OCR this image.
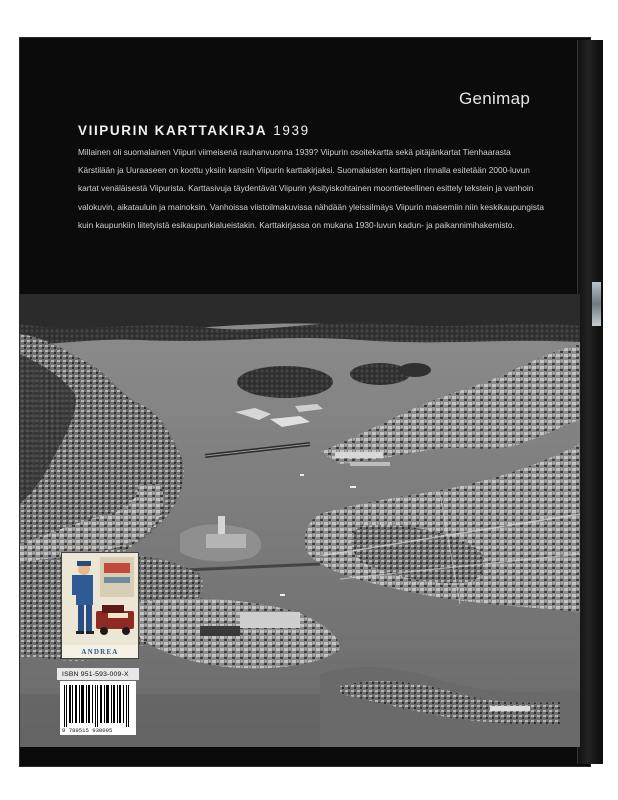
Genimap
VIIPURIN KARTTAKIRJA 1939

Millainen oli suomalainen Viipuri viimeisenä rauhanvuonna 1939? Viipurin osoitekartta sekä pitäjänkartat Tienhaarasta

Kärstilään ja Uuraaseen on koottu yksiin kansiin Viipurin karttakirjaksi. Suomalaisten karttajen rinnalla esitetään 2000-luvun

kartat venäläisestä Viipurista. Karttasivuja täydentävät Viipurin yksityiskohtainen moontieteellinen esittely tekstein ja vanhoin

valokuvin, aikatauluin ja mainoksin. Vanhoissa viistoilmakuvissa nähdään yleissilmäys Viipurin maisemiin niin keskikaupungista

kuin kaupunkiin liitetyistä esikaupunkialueistakin. Karttakirjassa on mukana 1930-luvun kadun- ja paikannimihakemisto.

ANDREA
ISBN 951-593-009-X
9 789515 930095
